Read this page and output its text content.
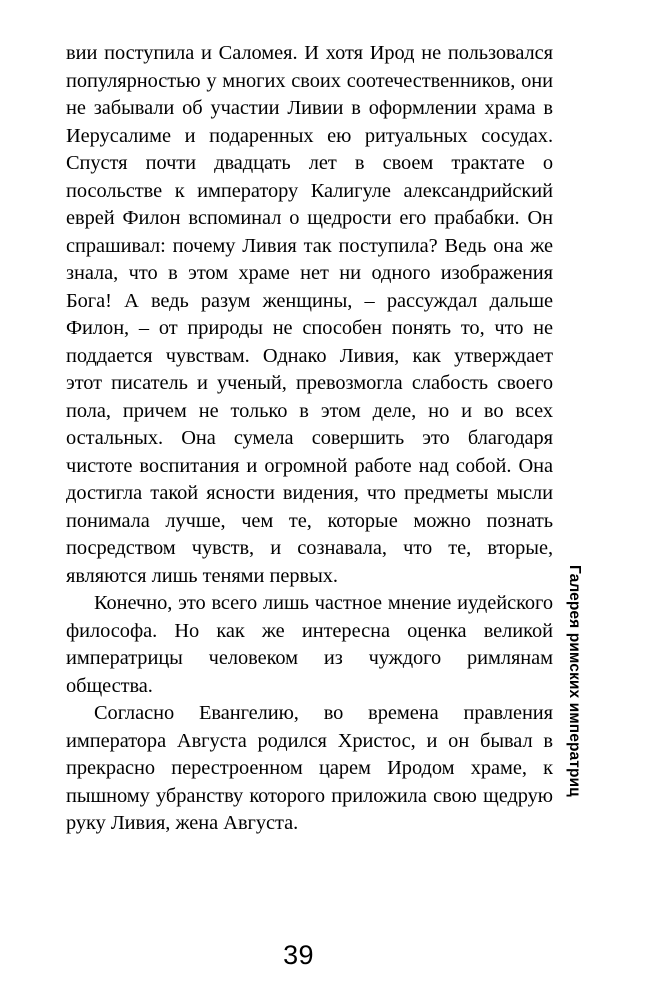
вии поступила и Саломея. И хотя Ирод не пользовался популярностью у многих своих соотечественников, они не забывали об участии Ливии в оформлении храма в Иерусалиме и подаренных ею ритуальных сосудах. Спустя почти двадцать лет в своем трактате о посольстве к императору Калигуле александрийский еврей Филон вспоминал о щедрости его прабабки. Он спрашивал: почему Ливия так поступила? Ведь она же знала, что в этом храме нет ни одного изображения Бога! А ведь разум женщины, – рассуждал дальше Филон, – от природы не способен понять то, что не поддается чувствам. Однако Ливия, как утверждает этот писатель и ученый, превозмогла слабость своего пола, причем не только в этом деле, но и во всех остальных. Она сумела совершить это благодаря чистоте воспитания и огромной работе над собой. Она достигла такой ясности видения, что предметы мысли понимала лучше, чем те, которые можно познать посредством чувств, и сознавала, что те, вторые, являются лишь тенями первых.

Конечно, это всего лишь частное мнение иудейского философа. Но как же интересна оценка великой императрицы человеком из чуждого римлянам общества.

Согласно Евангелию, во времена правления императора Августа родился Христос, и он бывал в прекрасно перестроенном царем Иродом храме, к пышному убранству которого приложила свою щедрую руку Ливия, жена Августа.

Галерея римских императриц
39
